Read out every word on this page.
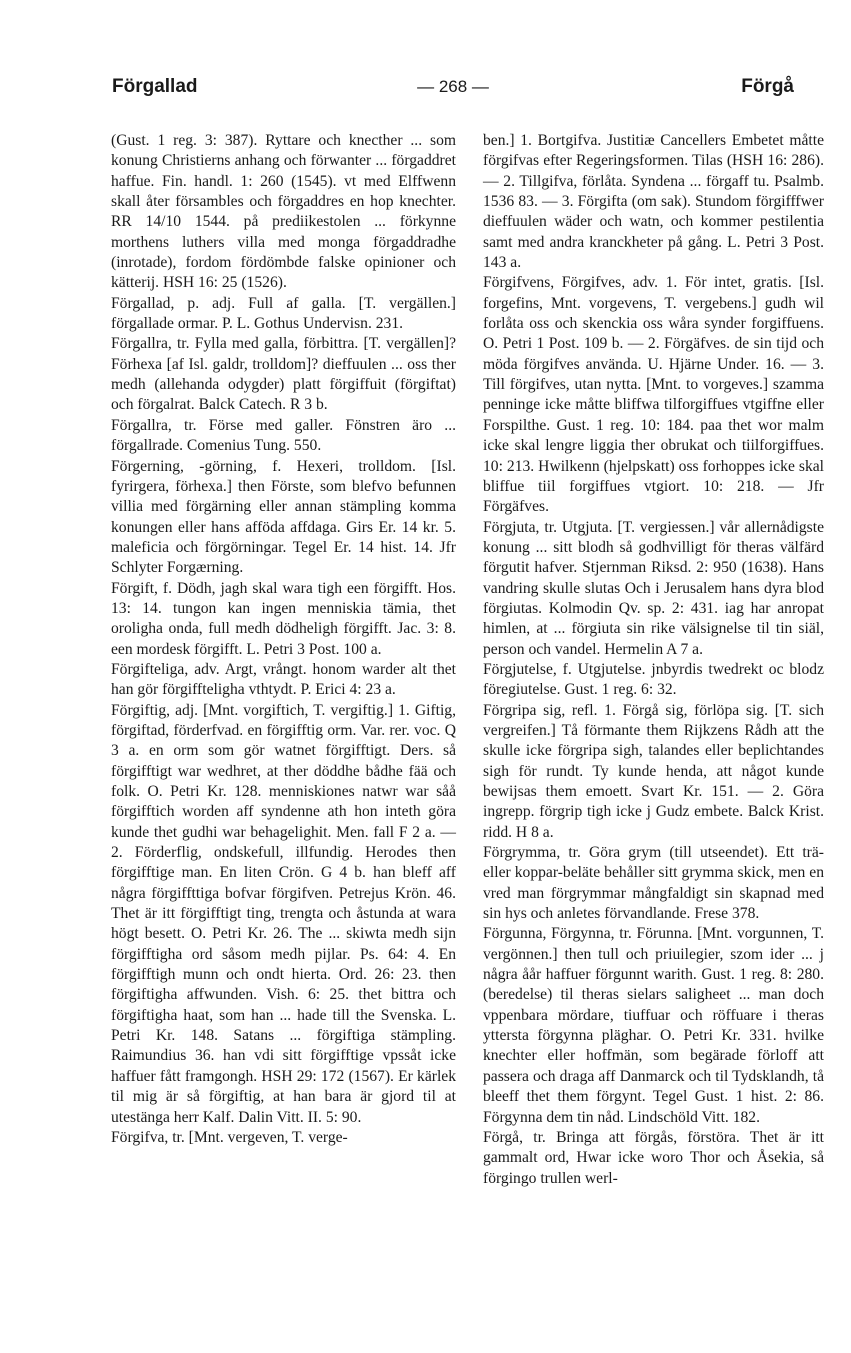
Förgallad	— 268 —	Förgå

(Gust. 1 reg. 3: 387). Ryttare och knecther ... som konung Christierns anhang och förwanter ... förgaddret haffue. Fin. handl. 1: 260 (1545). vt med Elffwenn skall åter försambles och förgaddres en hop knechter. RR 14/10 1544. på prediikestolen ... förkynne morthens luthers villa med monga förgaddradhe (inrotade), fordom fördömbde falske opinioner och kätterij. HSH 16: 25 (1526).

Förgallad, p. adj. Full af galla. [T. vergällen.] förgallade ormar. P. L. Gothus Undervisn. 231.

Förgallra, tr. Fylla med galla, förbittra. [T. vergällen]? Förhexa [af Isl. galdr, trolldom]? dieffuulen ... oss ther medh (allehanda odygder) platt förgiffuit (förgiftat) och förgalrat. Balck Catech. R 3 b.

Förgallra, tr. Förse med galler. Fönstren äro ... förgallrade. Comenius Tung. 550.

Förgerning, -görning, f. Hexeri, trolldom. [Isl. fyrirgera, förhexa.] then Förste, som blefvo befunnen villia med förgärning eller annan stämpling komma konungen eller hans afföda affdaga. Girs Er. 14 kr. 5. maleficia och förgörningar. Tegel Er. 14 hist. 14. Jfr Schlyter Forgærning.

Förgift, f. Dödh, jagh skal wara tigh een förgifft. Hos. 13: 14. tungon kan ingen menniskia tämia, thet oroligha onda, full medh dödheligh förgifft. Jac. 3: 8. een mordesk förgifft. L. Petri 3 Post. 100 a.

Förgifteliga, adv. Argt, vrångt. honom warder alt thet han gör förgiffteligha vthtydt. P. Erici 4: 23 a.

Förgiftig, adj. [Mnt. vorgiftich, T. vergiftig.] 1. Giftig, förgiftad, förderfvad. en förgifftig orm. Var. rer. voc. Q 3 a. en orm som gör watnet förgifftigt. Ders. så förgifftigt war wedhret, at ther döddhe bådhe fää och folk. O. Petri Kr. 128. menniskiones natwr war såå förgifftich worden aff syndenne ath hon inteth göra kunde thet gudhi war behagelighit. Men. fall F 2 a. — 2. Förderflig, ondskefull, illfundig. Herodes then förgifftige man. En liten Crön. G 4 b. han bleff aff några förgiffttiga bofvar förgifven. Petrejus Krön. 46. Thet är itt förgifftigt ting, trengta och åstunda at wara högt besett. O. Petri Kr. 26. The ... skiwta medh sijn förgifftigha ord såsom medh pijlar. Ps. 64: 4. En förgifftigh munn och ondt hierta. Ord. 26: 23. then förgiftigha affwunden. Vish. 6: 25. thet bittra och förgiftigha haat, som han ... hade till the Svenska. L. Petri Kr. 148. Satans ... förgiftiga stämpling. Raimundius 36. han vdi sitt förgifftige vpssåt icke haffuer fått framgongh. HSH 29: 172 (1567). Er kärlek til mig är så förgiftig, at han bara är gjord til at utestänga herr Kalf. Dalin Vitt. II. 5: 90.

Förgifva, tr. [Mnt. vergeven, T. verge-

ben.] 1. Bortgifva. Justitiæ Cancellers Embetet måtte förgifvas efter Regeringsformen. Tilas (HSH 16: 286). — 2. Tillgifva, förlåta. Syndena ... förgaff tu. Psalmb. 1536 83. — 3. Förgifta (om sak). Stundom förgifffwer dieffuulen wäder och watn, och kommer pestilentia samt med andra kranckheter på gång. L. Petri 3 Post. 143 a.

Förgifvens, Förgifves, adv. 1. För intet, gratis. [Isl. forgefins, Mnt. vorgevens, T. vergebens.] gudh wil forlåta oss och skenckia oss wåra synder forgiffuens. O. Petri 1 Post. 109 b. — 2. Förgäfves. de sin tijd och möda förgifves använda. U. Hjärne Under. 16. — 3. Till förgifves, utan nytta. [Mnt. to vorgeves.] szamma penninge icke måtte bliffwa tilforgiffues vtgiffne eller Forspilthe. Gust. 1 reg. 10: 184. paa thet wor malm icke skal lengre liggia ther obrukat och tiilforgiffues. 10: 213. Hwilkenn (hjelpskatt) oss forhoppes icke skal bliffue tiil forgiffues vtgiort. 10: 218. — Jfr Förgäfves.

Förgjuta, tr. Utgjuta. [T. vergiessen.] vår allernådigste konung ... sitt blodh så godhvilligt för theras välfärd förgutit hafver. Stjernman Riksd. 2: 950 (1638). Hans vandring skulle slutas Och i Jerusalem hans dyra blod förgiutas. Kolmodin Qv. sp. 2: 431. iag har anropat himlen, at ... förgiuta sin rike välsignelse til tin siäl, person och vandel. Hermelin A 7 a.

Förgjutelse, f. Utgjutelse. jnbyrdis twedrekt oc blodz föregiutelse. Gust. 1 reg. 6: 32.

Förgripa sig, refl. 1. Förgå sig, förlöpa sig. [T. sich vergreifen.] Tå förmante them Rijkzens Rådh att the skulle icke förgripa sigh, talandes eller beplichtandes sigh för rundt. Ty kunde henda, att något kunde bewijsas them emoett. Svart Kr. 151. — 2. Göra ingrepp. förgrip tigh icke j Gudz embete. Balck Krist. ridd. H 8 a.

Förgrymma, tr. Göra grym (till utseendet). Ett trä- eller koppar-beläte behåller sitt grymma skick, men en vred man förgrymmar mångfaldigt sin skapnad med sin hys och anletes förvandlande. Frese 378.

Förgunna, Förgynna, tr. Förunna. [Mnt. vorgunnen, T. vergönnen.] then tull och priuilegier, szom ider ... j några åår haffuer förgunnt warith. Gust. 1 reg. 8: 280. (beredelse) til theras sielars saligheet ... man doch vppenbara mördare, tiuffuar och röffuare i theras yttersta förgynna pläghar. O. Petri Kr. 331. hvilke knechter eller hoffmän, som begärade förloff att passera och draga aff Danmarck och til Tydsklandh, tå bleeff thet them förgynt. Tegel Gust. 1 hist. 2: 86. Förgynna dem tin nåd. Lindschöld Vitt. 182.

Förgå, tr. Bringa att förgås, förstöra. Thet är itt gammalt ord, Hwar icke woro Thor och Åsekia, så förgingo trullen werl-
